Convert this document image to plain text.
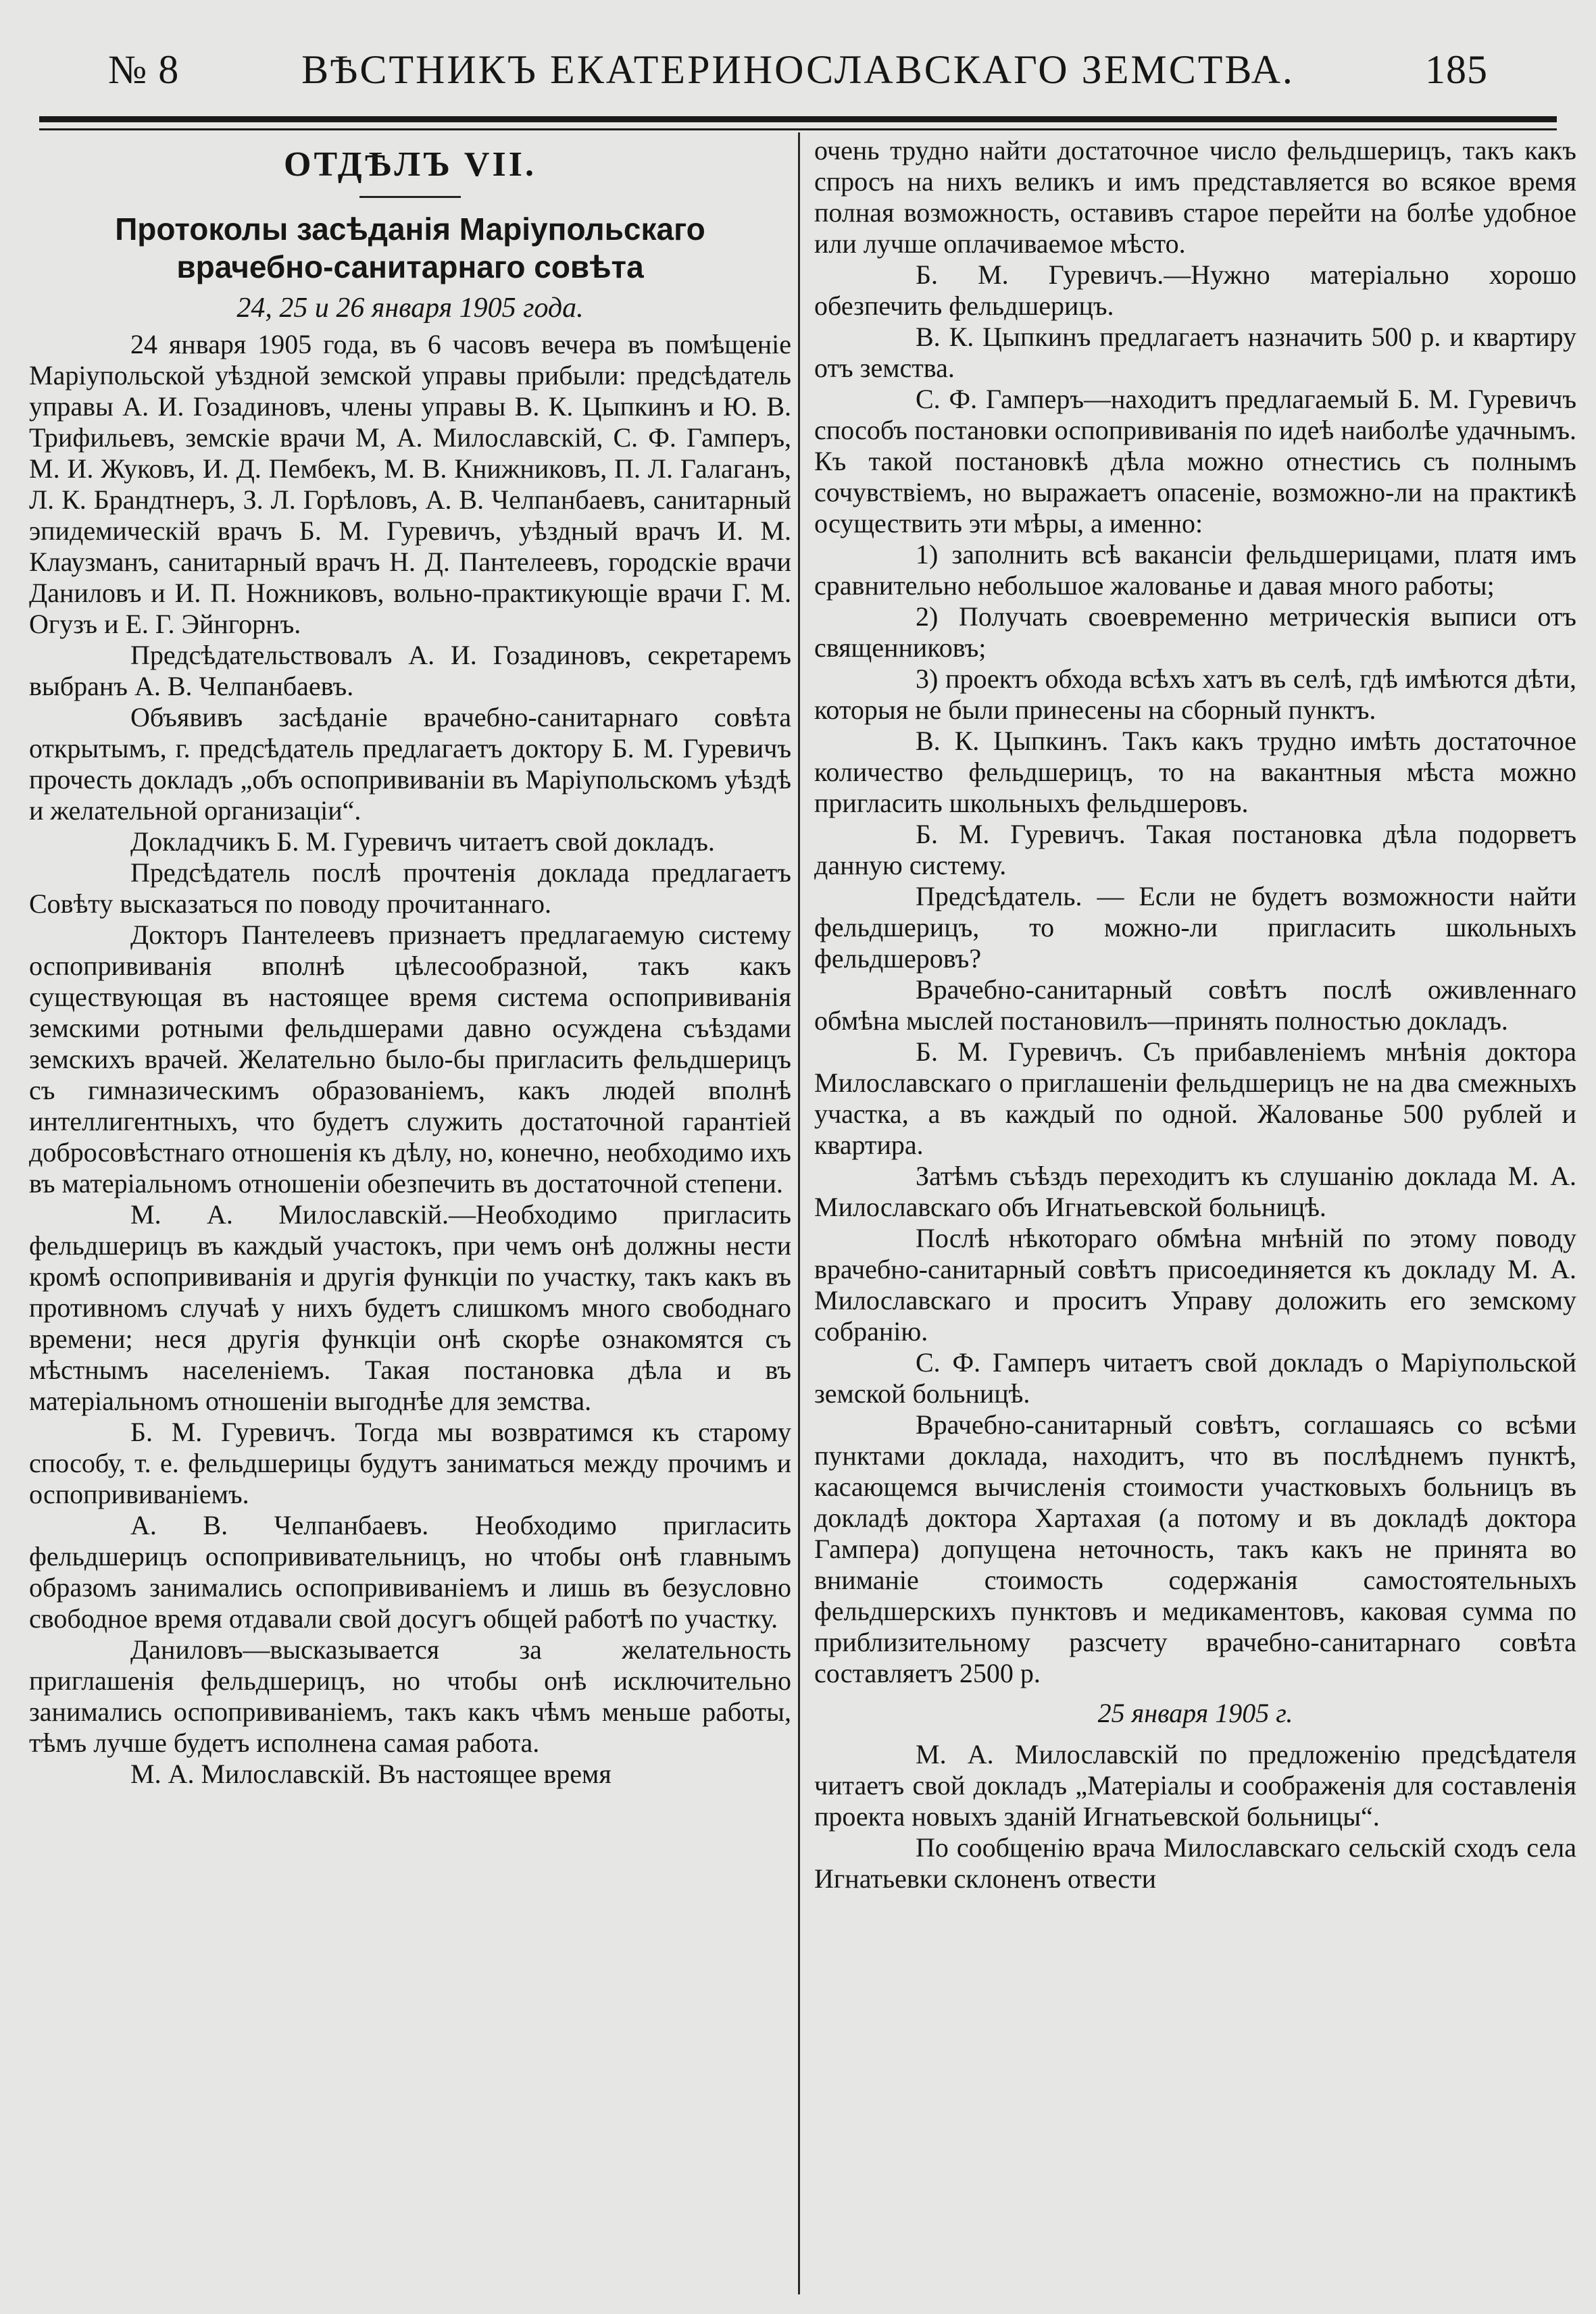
№ 8	ВѢСТНИКЪ ЕКАТЕРИНОСЛАВСКАГО ЗЕМСТВА.	185
ОТДѢЛЪ VII.
Протоколы засѣданія Маріупольскаго врачебно-санитарнаго совѣта
24, 25 и 26 января 1905 года.

24 января 1905 года, въ 6 часовъ вечера въ помѣщеніе Маріупольской уѣздной земской управы прибыли: предсѣдатель управы А. И. Гозадиновъ, члены управы В. К. Цыпкинъ и Ю. В. Трифильевъ, земскіе врачи М, А. Милославскій, С. Ф. Гамперъ, М. И. Жуковъ, И. Д. Пембекъ, М. В. Книжниковъ, П. Л. Галаганъ, Л. К. Брандтнеръ, З. Л. Горѣловъ, А. В. Челпанбаевъ, санитарный эпидемическій врачъ Б. М. Гуревичъ, уѣздный врачъ И. М. Клаузманъ, санитарный врачъ Н. Д. Пантелеевъ, городскіе врачи Даниловъ и И. П. Ножниковъ, вольно-практикующіе врачи Г. М. Огузъ и Е. Г. Эйнгорнъ.

Предсѣдательствовалъ А. И. Гозадиновъ, секретаремъ выбранъ А. В. Челпанбаевъ.

Объявивъ засѣданіе врачебно-санитарнаго совѣта открытымъ, г. предсѣдатель предлагаетъ доктору Б. М. Гуревичъ прочесть докладъ „объ оспопрививаніи въ Маріупольскомъ уѣздѣ и желательной организаціи“.

Докладчикъ Б. М. Гуревичъ читаетъ свой докладъ.

Предсѣдатель послѣ прочтенія доклада предлагаетъ Совѣту высказаться по поводу прочитаннаго.

Докторъ Пантелеевъ признаетъ предлагаемую систему оспопрививанія вполнѣ цѣлесообразной, такъ какъ существующая въ настоящее время система оспопрививанія земскими ротными фельдшерами давно осуждена съѣздами земскихъ врачей. Желательно было-бы пригласить фельдшерицъ съ гимназическимъ образованіемъ, какъ людей вполнѣ интеллигентныхъ, что будетъ служить достаточной гарантіей добросовѣстнаго отношенія къ дѣлу, но, конечно, необходимо ихъ въ матеріальномъ отношеніи обезпечить въ достаточной степени.

М. А. Милославскій.—Необходимо пригласить фельдшерицъ въ каждый участокъ, при чемъ онѣ должны нести кромѣ оспопрививанія и другія функціи по участку, такъ какъ въ противномъ случаѣ у нихъ будетъ слишкомъ много свободнаго времени; неся другія функціи онѣ скорѣе ознакомятся съ мѣстнымъ населеніемъ. Такая постановка дѣла и въ матеріальномъ отношеніи выгоднѣе для земства.

Б. М. Гуревичъ. Тогда мы возвратимся къ старому способу, т. е. фельдшерицы будутъ заниматься между прочимъ и оспопрививаніемъ.

А. В. Челпанбаевъ. Необходимо пригласить фельдшерицъ оспопрививательницъ, но чтобы онѣ главнымъ образомъ занимались оспопрививаніемъ и лишь въ безусловно свободное время отдавали свой досугъ общей работѣ по участку.

Даниловъ—высказывается за желательность приглашенія фельдшерицъ, но чтобы онѣ исключительно занимались оспопрививаніемъ, такъ какъ чѣмъ меньше работы, тѣмъ лучше будетъ исполнена самая работа.

М. А. Милославскій. Въ настоящее время

очень трудно найти достаточное число фельдшерицъ, такъ какъ спросъ на нихъ великъ и имъ представляется во всякое время полная возможность, оставивъ старое перейти на болѣе удобное или лучше оплачиваемое мѣсто.

Б. М. Гуревичъ.—Нужно матеріально хорошо обезпечить фельдшерицъ.

В. К. Цыпкинъ предлагаетъ назначить 500 р. и квартиру отъ земства.

С. Ф. Гамперъ—находитъ предлагаемый Б. М. Гуревичъ способъ постановки оспопрививанія по идеѣ наиболѣе удачнымъ. Къ такой постановкѣ дѣла можно отнестись съ полнымъ сочувствіемъ, но выражаетъ опасеніе, возможно-ли на практикѣ осуществить эти мѣры, а именно:

1) заполнить всѣ вакансіи фельдшерицами, платя имъ сравнительно небольшое жалованье и давая много работы;

2) Получать своевременно метрическія выписи отъ священниковъ;

3) проектъ обхода всѣхъ хатъ въ селѣ, гдѣ имѣются дѣти, которыя не были принесены на сборный пунктъ.

В. К. Цыпкинъ. Такъ какъ трудно имѣть достаточное количество фельдшерицъ, то на вакантныя мѣста можно пригласить школьныхъ фельдшеровъ.

Б. М. Гуревичъ. Такая постановка дѣла подорветъ данную систему.

Предсѣдатель. — Если не будетъ возможности найти фельдшерицъ, то можно-ли пригласить школьныхъ фельдшеровъ?

Врачебно-санитарный совѣтъ послѣ оживленнаго обмѣна мыслей постановилъ—принять полностью докладъ.

Б. М. Гуревичъ. Съ прибавленіемъ мнѣнія доктора Милославскаго о приглашеніи фельдшерицъ не на два смежныхъ участка, а въ каждый по одной. Жалованье 500 рублей и квартира.

Затѣмъ съѣздъ переходитъ къ слушанію доклада М. А. Милославскаго объ Игнатьевской больницѣ.

Послѣ нѣкотораго обмѣна мнѣній по этому поводу врачебно-санитарный совѣтъ присоединяется къ докладу М. А. Милославскаго и проситъ Управу доложить его земскому собранію.

С. Ф. Гамперъ читаетъ свой докладъ о Маріупольской земской больницѣ.

Врачебно-санитарный совѣтъ, соглашаясь со всѣми пунктами доклада, находитъ, что въ послѣднемъ пунктѣ, касающемся вычисленія стоимости участковыхъ больницъ въ докладѣ доктора Хартахая (а потому и въ докладѣ доктора Гампера) допущена неточность, такъ какъ не принята во вниманіе стоимость содержанія самостоятельныхъ фельдшерскихъ пунктовъ и медикаментовъ, каковая сумма по приблизительному разсчету врачебно-санитарнаго совѣта составляетъ 2500 р.

25 января 1905 г.

М. А. Милославскій по предложенію предсѣдателя читаетъ свой докладъ „Матеріалы и соображенія для составленія проекта новыхъ зданій Игнатьевской больницы“.

По сообщенію врача Милославскаго сельскій сходъ села Игнатьевки склоненъ отвести
